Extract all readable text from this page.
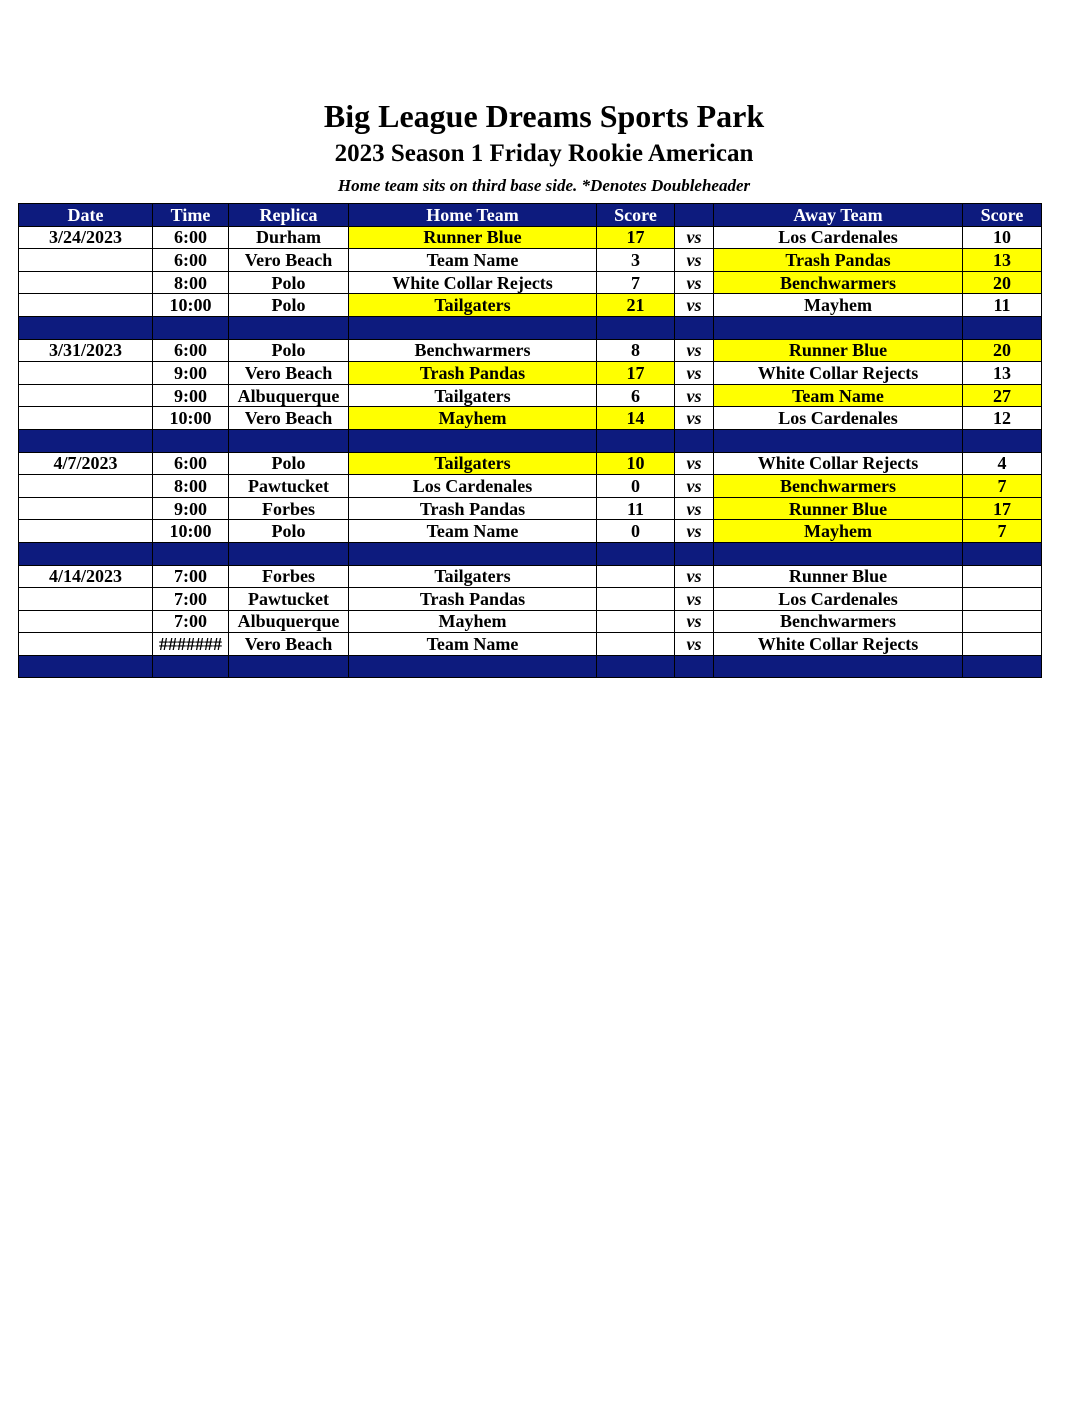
Big League Dreams Sports Park
2023 Season 1 Friday Rookie American
Home team sits on third base side. *Denotes Doubleheader
Date	Time	Replica	Home Team	Score		Away Team	Score
3/24/2023	6:00	Durham	Runner Blue	17	vs	Los Cardenales	10
	6:00	Vero Beach	Team Name	3	vs	Trash Pandas	13
	8:00	Polo	White Collar Rejects	7	vs	Benchwarmers	20
	10:00	Polo	Tailgaters	21	vs	Mayhem	11

3/31/2023	6:00	Polo	Benchwarmers	8	vs	Runner Blue	20
	9:00	Vero Beach	Trash Pandas	17	vs	White Collar Rejects	13
	9:00	Albuquerque	Tailgaters	6	vs	Team Name	27
	10:00	Vero Beach	Mayhem	14	vs	Los Cardenales	12

4/7/2023	6:00	Polo	Tailgaters	10	vs	White Collar Rejects	4
	8:00	Pawtucket	Los Cardenales	0	vs	Benchwarmers	7
	9:00	Forbes	Trash Pandas	11	vs	Runner Blue	17
	10:00	Polo	Team Name	0	vs	Mayhem	7

4/14/2023	7:00	Forbes	Tailgaters		vs	Runner Blue	
	7:00	Pawtucket	Trash Pandas		vs	Los Cardenales	
	7:00	Albuquerque	Mayhem		vs	Benchwarmers	
	#######	Vero Beach	Team Name		vs	White Collar Rejects	
